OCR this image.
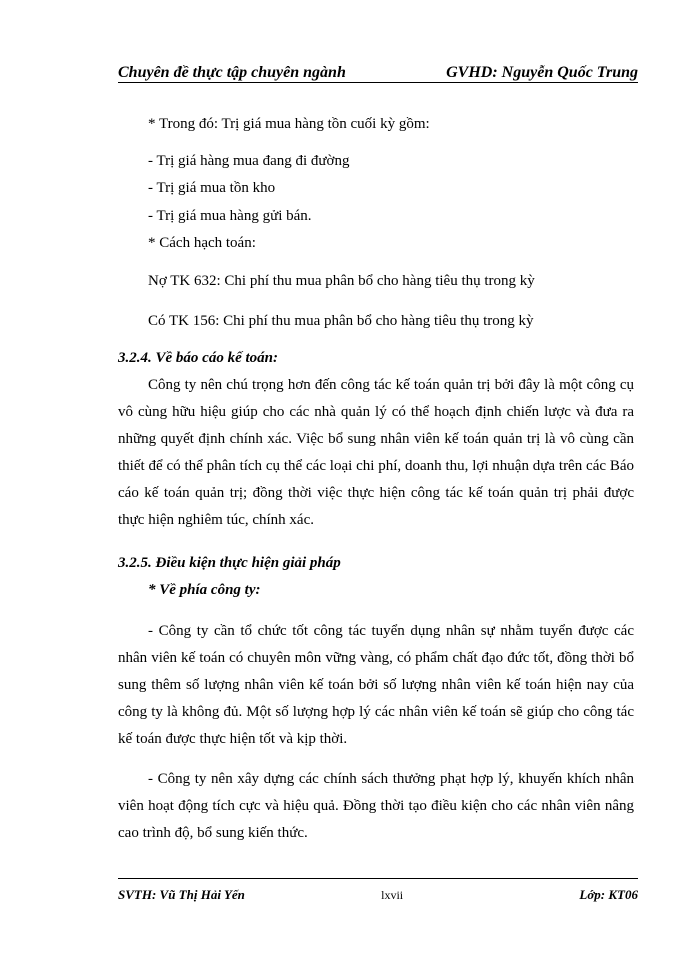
Chuyên đề thực tập chuyên ngành	GVHD: Nguyễn Quốc Trung
* Trong đó: Trị giá mua hàng tồn cuối kỳ gồm:
- Trị giá hàng mua đang đi đường
- Trị giá mua tồn kho
- Trị giá mua hàng gửi bán.
* Cách hạch toán:
Nợ TK 632: Chi phí thu mua phân bổ cho hàng tiêu thụ trong kỳ
Có TK 156: Chi phí thu mua phân bổ cho hàng tiêu thụ trong kỳ
3.2.4. Về báo cáo kế toán:
Công ty nên chú trọng hơn đến công tác kế toán quản trị bởi đây là một công cụ vô cùng hữu hiệu giúp cho các nhà quản lý có thể hoạch định chiến lược và đưa ra những quyết định chính xác. Việc bổ sung nhân viên kế toán quản trị là vô cùng cần thiết để có thể phân tích cụ thể các loại chi phí, doanh thu, lợi nhuận dựa trên các Báo cáo kế toán quản trị; đồng thời việc thực hiện công tác kế toán quản trị phải được thực hiện nghiêm túc, chính xác.
3.2.5. Điều kiện thực hiện giải pháp
* Về phía công ty:
- Công ty cần tổ chức tốt công tác tuyển dụng nhân sự nhằm tuyển được các nhân viên kế toán có chuyên môn vững vàng, có phẩm chất đạo đức tốt, đồng thời bổ sung thêm số lượng nhân viên kế toán bởi số lượng nhân viên kế toán hiện nay của công ty là không đủ. Một số lượng hợp lý các nhân viên kế toán sẽ giúp cho công tác kế toán được thực hiện tốt và kịp thời.
- Công ty nên xây dựng các chính sách thưởng phạt hợp lý, khuyến khích nhân viên hoạt động tích cực và hiệu quả. Đồng thời tạo điều kiện cho các nhân viên nâng cao trình độ, bổ sung kiến thức.
SVTH: Vũ Thị Hải Yến	lxvii	Lớp: KT06
